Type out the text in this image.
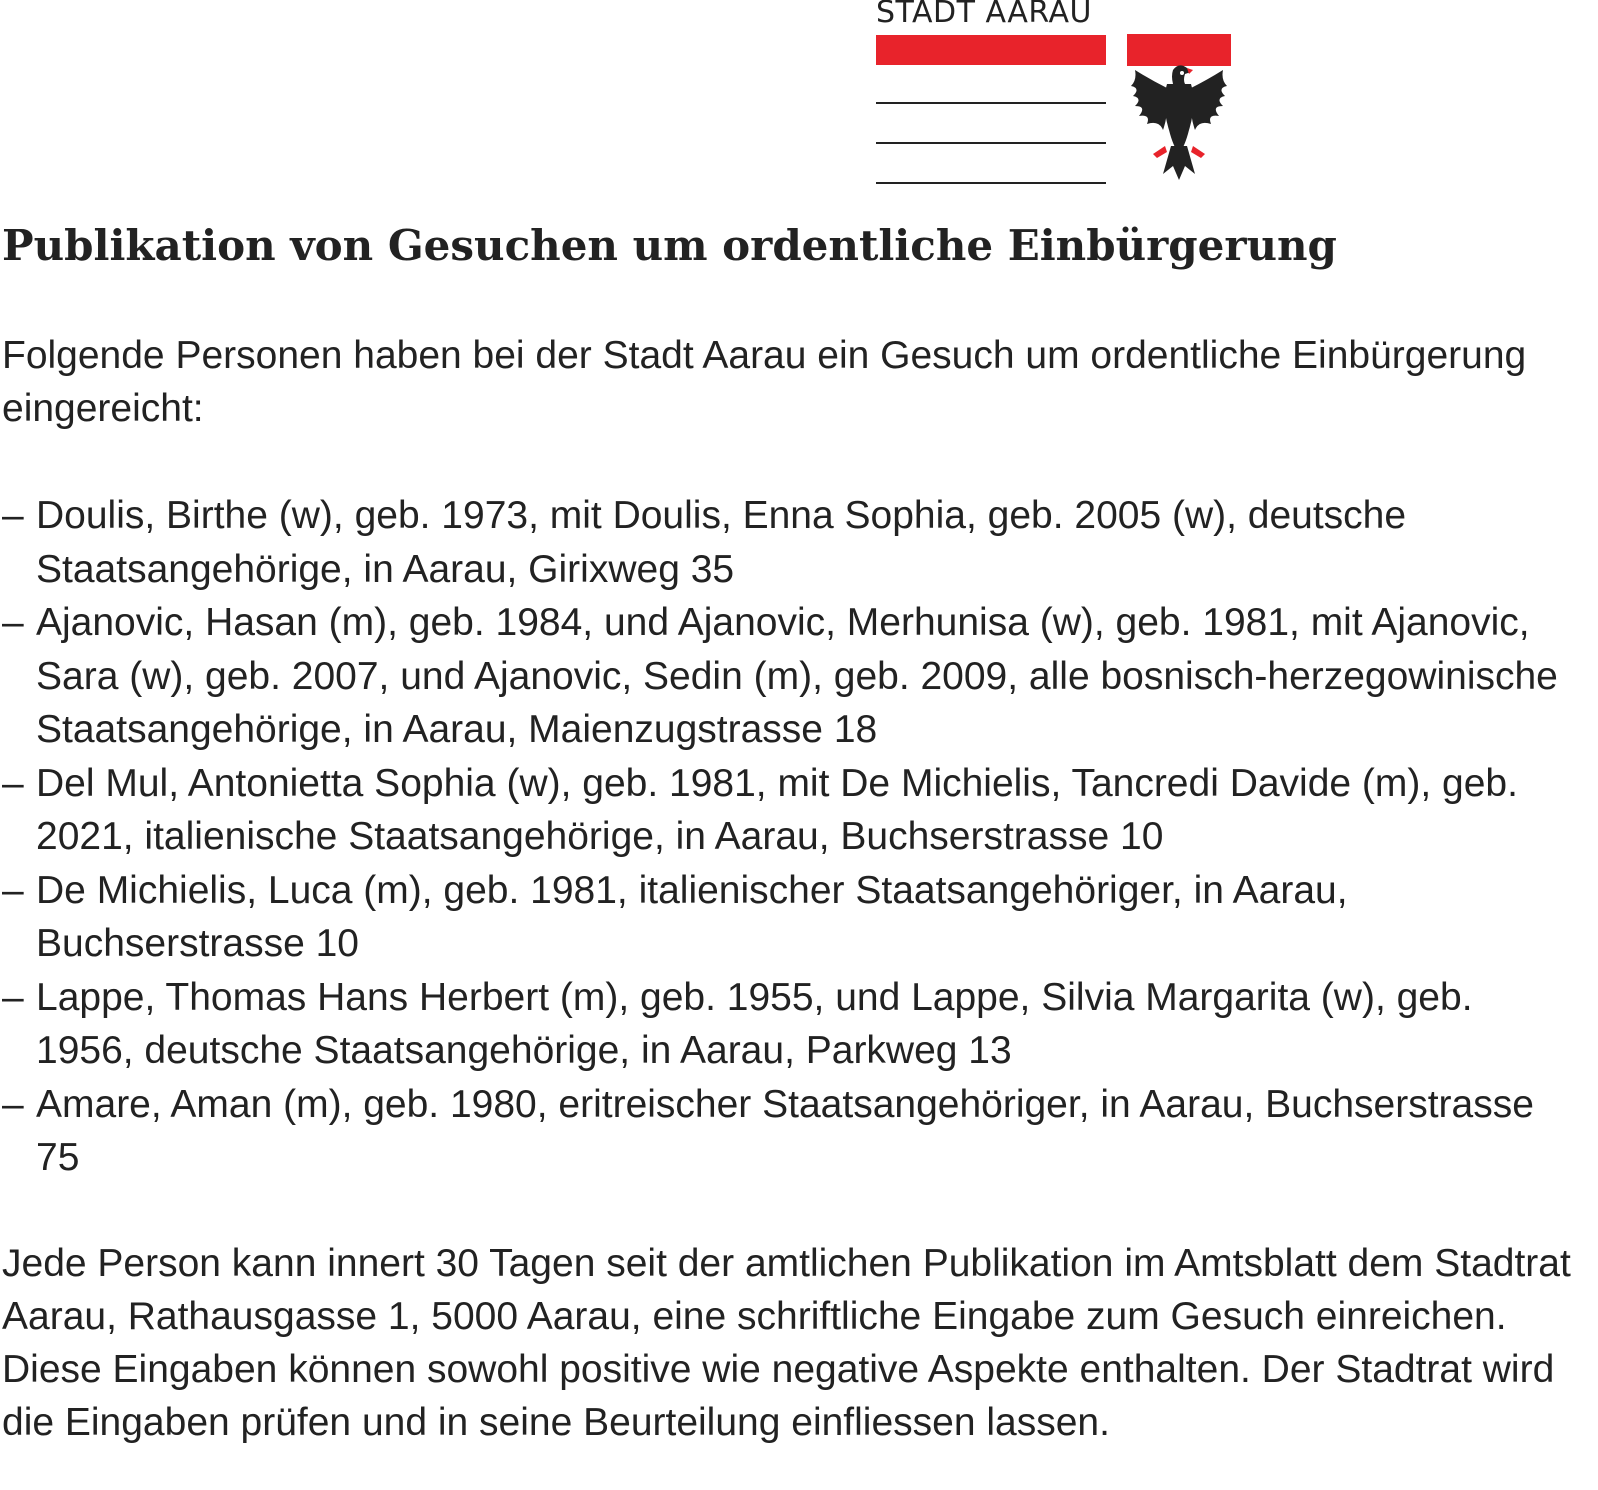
STADT AARAU
Publikation von Gesuchen um ordentliche Einbürgerung

Folgende Personen haben bei der Stadt Aarau ein Gesuch um ordentliche Einbürgerung eingereicht:

– Doulis, Birthe (w), geb. 1973, mit Doulis, Enna Sophia, geb. 2005 (w), deutsche Staatsangehörige, in Aarau, Girixweg 35
– Ajanovic, Hasan (m), geb. 1984, und Ajanovic, Merhunisa (w), geb. 1981, mit Ajanovic, Sara (w), geb. 2007, und Ajanovic, Sedin (m), geb. 2009, alle bosnisch-herzegowinische Staatsangehörige, in Aarau, Maienzugstrasse 18
– Del Mul, Antonietta Sophia (w), geb. 1981, mit De Michielis, Tancredi Davide (m), geb. 2021, italienische Staatsangehörige, in Aarau, Buchserstrasse 10
– De Michielis, Luca (m), geb. 1981, italienischer Staatsangehöriger, in Aarau, Buchserstrasse 10
– Lappe, Thomas Hans Herbert (m), geb. 1955, und Lappe, Silvia Margarita (w), geb. 1956, deutsche Staatsangehörige, in Aarau, Parkweg 13
– Amare, Aman (m), geb. 1980, eritreischer Staatsangehöriger, in Aarau, Buchserstrasse 75

Jede Person kann innert 30 Tagen seit der amtlichen Publikation im Amtsblatt dem Stadtrat Aarau, Rathausgasse 1, 5000 Aarau, eine schriftliche Eingabe zum Gesuch einreichen. Diese Eingaben können sowohl positive wie negative Aspekte enthalten. Der Stadtrat wird die Eingaben prüfen und in seine Beurteilung einfliessen lassen.
